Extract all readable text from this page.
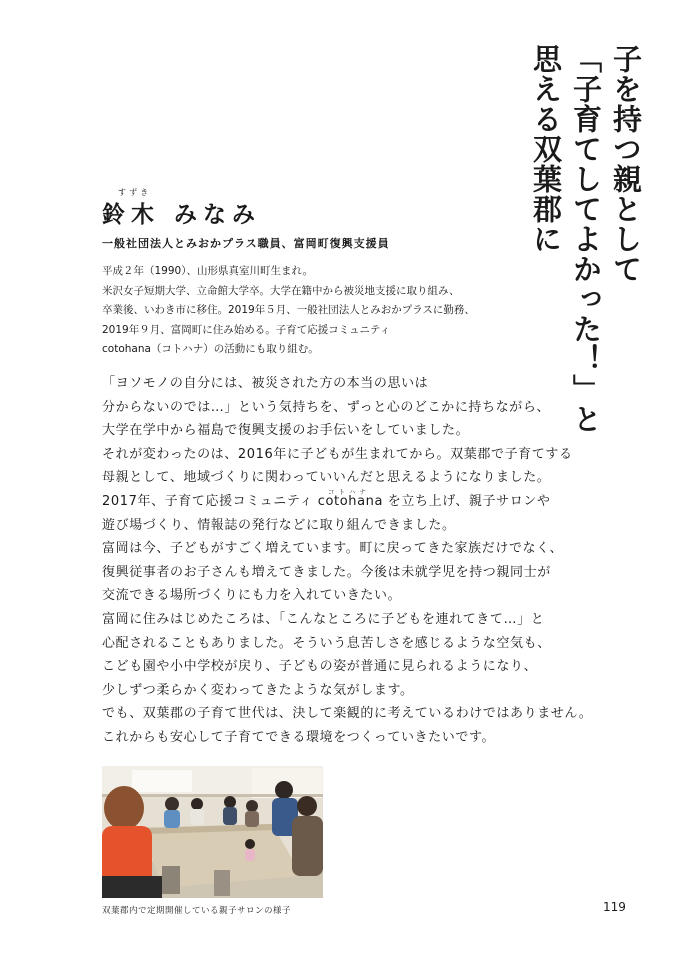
子を持つ親として
「子育てしてよかった！」と
思える双葉郡に
すずき
鈴木 みなみ
一般社団法人とみおかプラス職員、富岡町復興支援員
平成２年（1990）、山形県真室川町生まれ。
米沢女子短期大学、立命館大学卒。大学在籍中から被災地支援に取り組み、
卒業後、いわき市に移住。2019年５月、一般社団法人とみおかプラスに勤務、
2019年９月、富岡町に住み始める。子育て応援コミュニティ
cotohana（コトハナ）の活動にも取り組む。
「ヨソモノの自分には、被災された方の本当の思いは
分からないのでは…」という気持ちを、ずっと心のどこかに持ちながら、
大学在学中から福島で復興支援のお手伝いをしていました。
それが変わったのは、2016年に子どもが生まれてから。双葉郡で子育てする
母親として、地域づくりに関わっていいんだと思えるようになりました。
コトハナ
2017年、子育て応援コミュニティ cotohana を立ち上げ、親子サロンや
遊び場づくり、情報誌の発行などに取り組んできました。
富岡は今、子どもがすごく増えています。町に戻ってきた家族だけでなく、
復興従事者のお子さんも増えてきました。今後は未就学児を持つ親同士が
交流できる場所づくりにも力を入れていきたい。
富岡に住みはじめたころは、「こんなところに子どもを連れてきて…」と
心配されることもありました。そういう息苦しさを感じるような空気も、
こども園や小中学校が戻り、子どもの姿が普通に見られるようになり、
少しずつ柔らかく変わってきたような気がします。
でも、双葉郡の子育て世代は、決して楽観的に考えているわけではありません。
これからも安心して子育てできる環境をつくっていきたいです。
双葉郡内で定期開催している親子サロンの様子	119
